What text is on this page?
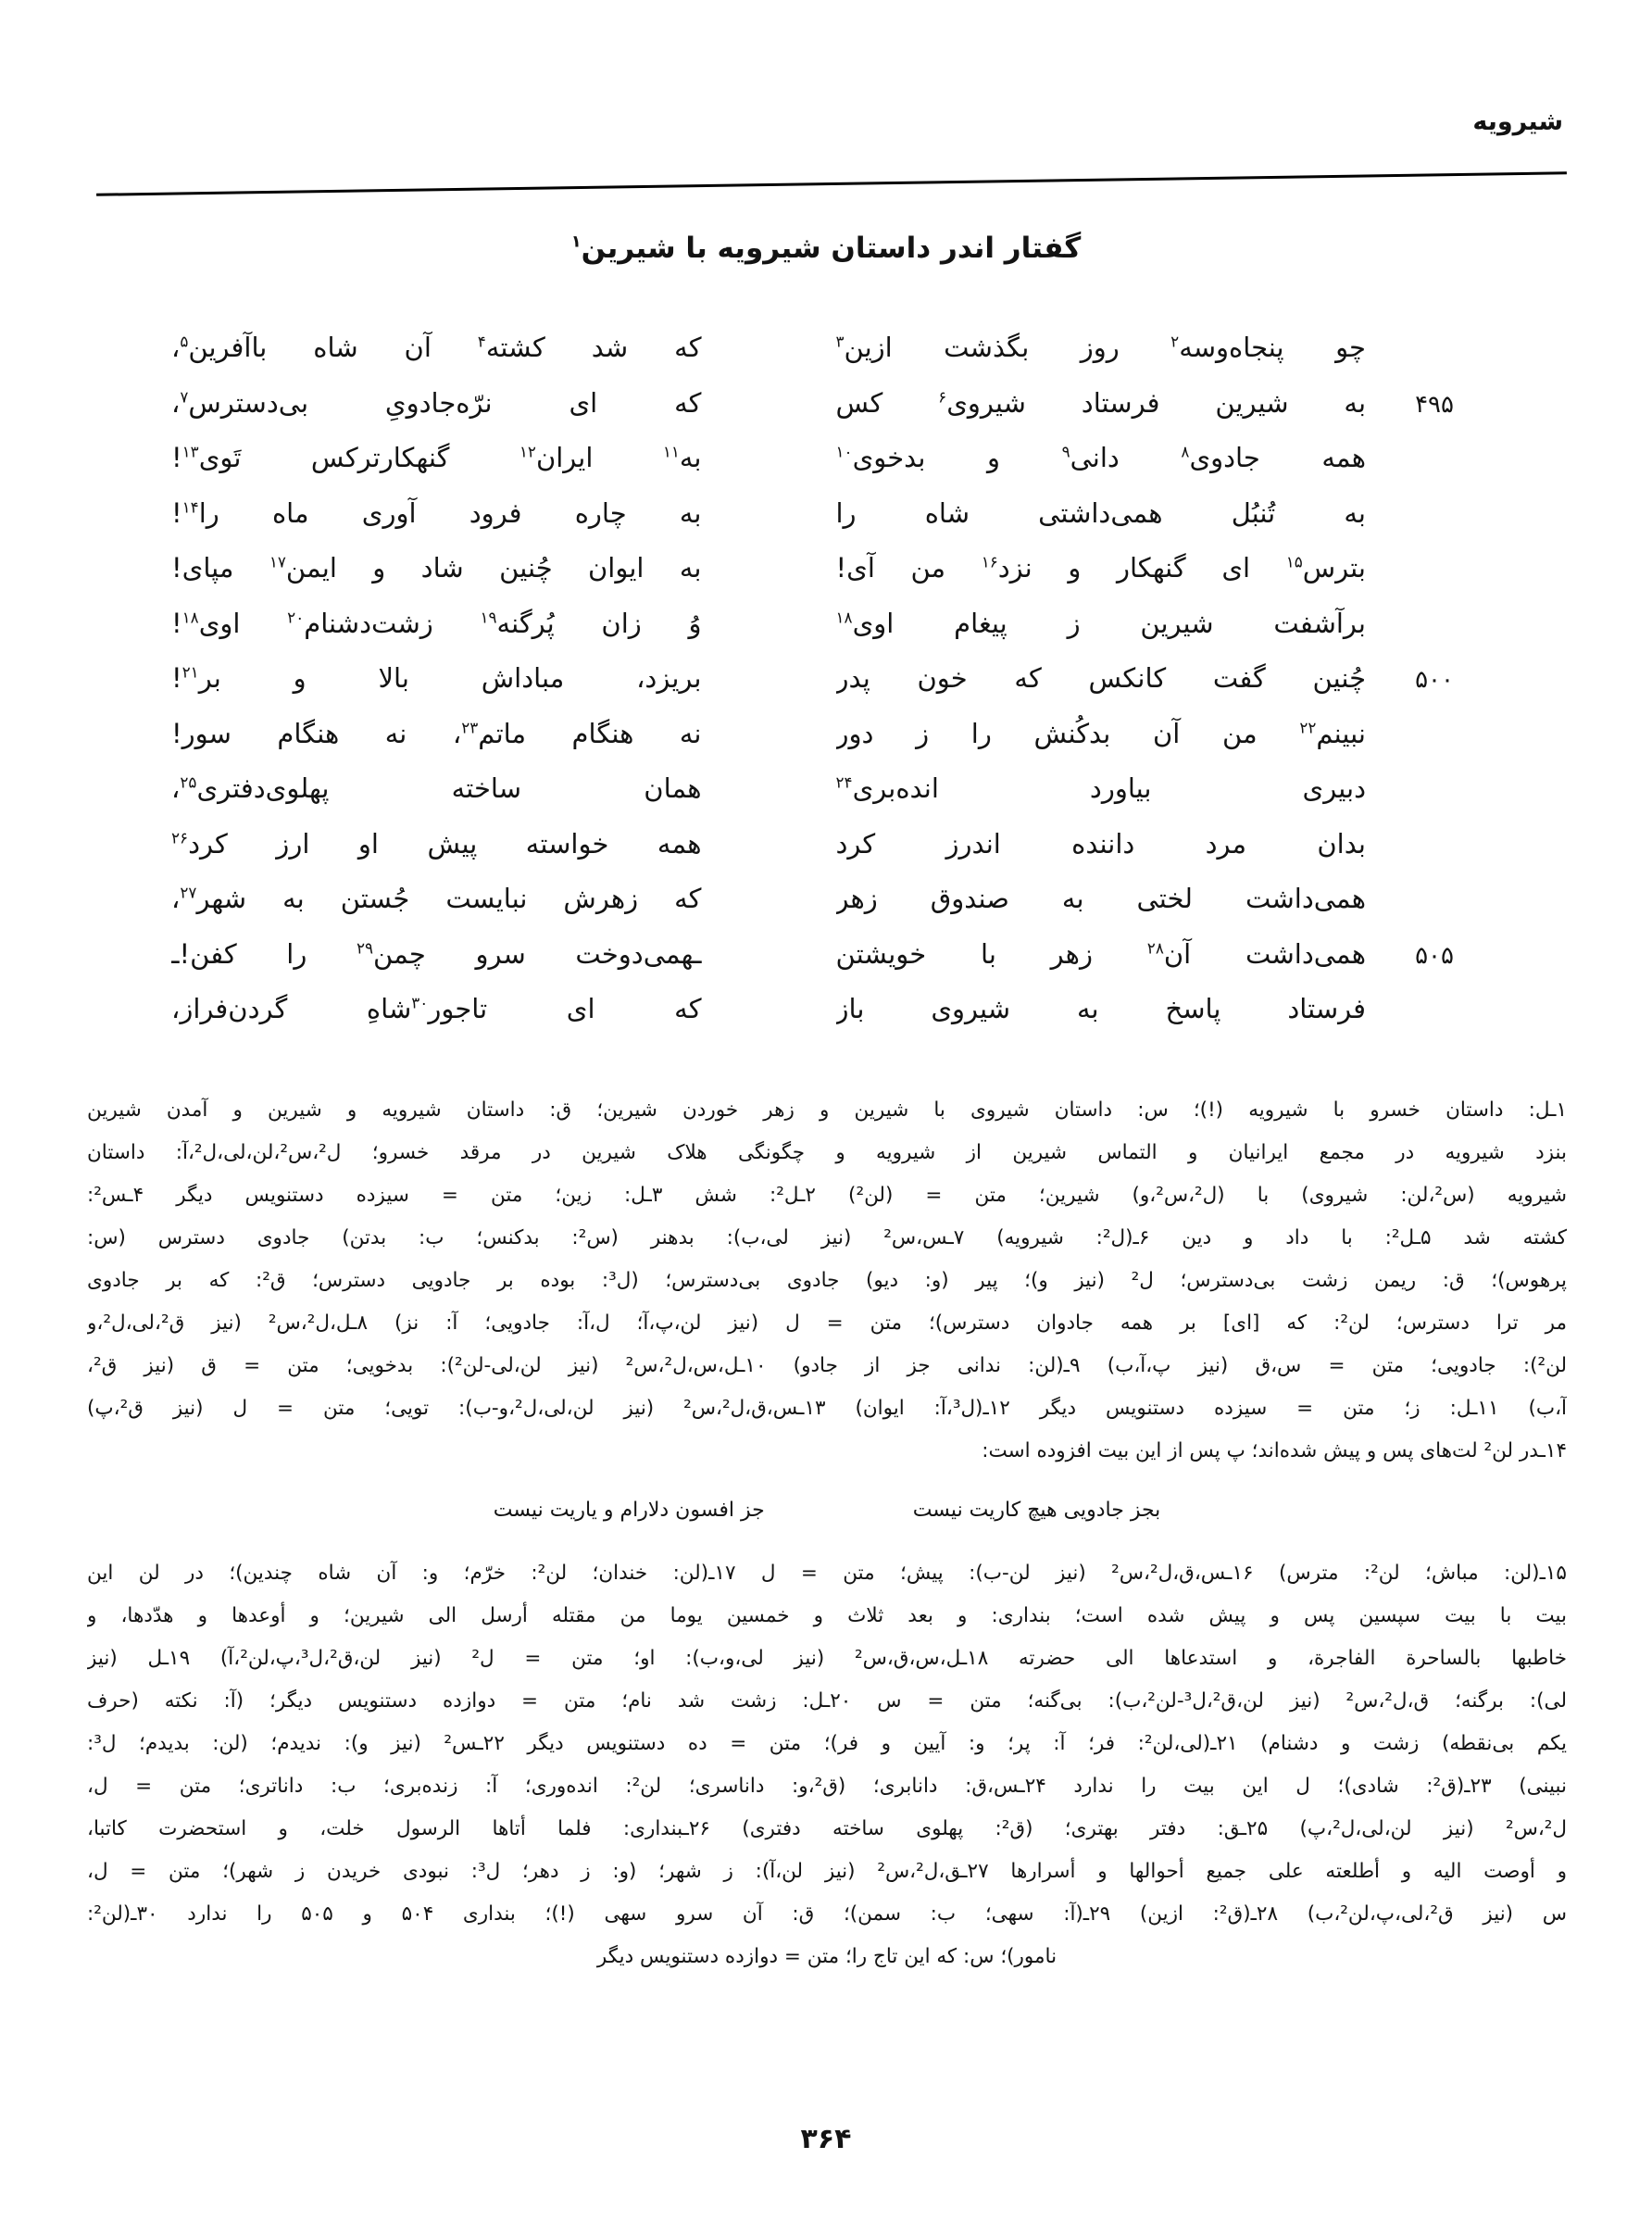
شیرویه
گفتار اندر داستان شیرویه با شیرین$^۱$
چو پنجاه‌وسه$^۲$ روز بگذشت ازین$^۳$
که شد کشته$^۴$ آن شاه باآفرین$^۵$،
۴۹۵
به شیرین فرستاد شیروی$^۶$ کس
که ای نرّه‌جادویِ بی‌دسترس$^۷$،
همه جادوی$^۸$ دانی$^۹$ و بدخوی$^{۱۰}$
به$^{۱۱}$ ایران$^{۱۲}$ گنهکارترکس تَوی$^{۱۳}$!
به تُنبُل همی‌داشتی شاه را
به چاره فرود آوری ماه را$^{۱۴}$!
بترس$^{۱۵}$ ای گنهکار و نزد$^{۱۶}$ من آی!
به ایوان چُنین شاد و ایمن$^{۱۷}$ مپای!
برآشفت شیرین ز پیغام اوی$^{۱۸}$
وُ زان پُرگنه$^{۱۹}$ زشت‌دشنام$^{۲۰}$ اوی$^{۱۸}$!
۵۰۰
چُنین گفت کانکس که خون پدر
بریزد، مباداش بالا و بر$^{۲۱}$!
نبینم$^{۲۲}$ من آن بدکُنش را ز دور
نه هنگام ماتم$^{۲۳}$، نه هنگام سور!
دبیری بیاورد انده‌بری$^{۲۴}$
همان ساخته پهلوی‌دفتری$^{۲۵}$،
بدان مرد داننده اندرز کرد
همه خواسته پیش او ارز کرد$^{۲۶}$
همی‌داشت لختی به صندوق زهر
که زهرش نبایست جُستن به شهر$^{۲۷}$،
۵۰۵
همی‌داشت آن$^{۲۸}$ زهر با خویشتن
ـهمی‌دوخت سرو چمن$^{۲۹}$ را کفن!ـ
فرستاد پاسخ به شیروی باز
که ای تاجور$^{۳۰}$شاهِ گردن‌فراز،
۱ـل: داستان خسرو با شیرویه (!)؛ س: داستان شیروی با شیرین و زهر خوردن شیرین؛ ق: داستان شیرویه و شیرین و آمدن شیرین
بنزد شیرویه در مجمع ایرانیان و التماس شیرین از شیرویه و چگونگی هلاک شیرین در مرقد خسرو؛ ل²،س²،لن،لی،ل²،آ: داستان
شیرویه (س²،لن: شیروی) با (ل²،س²،و) شیرین؛ متن = (لن²) ۲ـل²: شش ۳ـل: زین؛ متن = سیزده دستنویس دیگر ۴ـس²:
کشته شد ۵ـل²: با داد و دین ۶ـ(ل²: شیرویه) ۷ـس،س² (نیز لی،ب): بدهنر (س²: بدکنس؛ ب: بدتن) جادوی دسترس (س:
پرهوس)؛ ق: ریمن زشت بی‌دسترس؛ ل² (نیز و)؛ پیر (و: دیو) جادوی بی‌دسترس؛ (ل³: بوده بر جادویی دسترس؛ ق²: که بر جادوی
مر ترا دسترس؛ لن²: که [ای] بر همه جادوان دسترس)؛ متن = ل (نیز لن،پ،آ؛ ل،آ: جادویی؛ آ: نز) ۸ـل،ل²،س² (نیز ق²،لی،ل²،و
لن²): جادویی؛ متن = س،ق (نیز پ،آ،ب) ۹ـ(لن: ندانی جز از جادو) ۱۰ـل،س،ل²،س² (نیز لن،لی-لن²): بدخویی؛ متن = ق (نیز ق²،
آ،ب) ۱۱ـل: ز؛ متن = سیزده دستنویس دیگر ۱۲ـ(ل³،آ: ایوان) ۱۳ـس،ق،ل²،س² (نیز لن،لی،ل²،و-ب): تویی؛ متن = ل (نیز ق²،پ)
۱۴ـدر لن² لت‌های پس و پیش شده‌اند؛ پ پس از این بیت افزوده است:
بجز جادویی هیچ کاریت نیست
جز افسون دلارام و یاریت نیست
۱۵ـ(لن: مباش؛ لن²: مترس) ۱۶ـس،ق،ل²،س² (نیز لن-ب): پیش؛ متن = ل ۱۷ـ(لن: خندان؛ لن²: خرّم؛ و: آن شاه چندین)؛ در لن این
بیت با بیت سپسین پس و پیش شده است؛ بنداری: و بعد ثلاث و خمسین یوما من مقتله أرسل الی شیرین؛ و أوعدها و هدّدها، و
خاطبها بالساحرة الفاجرة، و استدعاها الی حضرته ۱۸ـل،س،ق،س² (نیز لی،و،ب): او؛ متن = ل² (نیز لن،ق²،ل³،پ،لن²،آ) ۱۹ـل (نیز
لی): برگنه؛ ق،ل²،س² (نیز لن،ق²،ل³-لن²،ب): بی‌گنه؛ متن = س ۲۰ـل: زشت شد نام؛ متن = دوازده دستنویس دیگر؛ (آ: نکته (حرف
یکم بی‌نقطه) زشت و دشنام) ۲۱ـ(لی،لن²: فر؛ آ: پر؛ و: آیین و فر)؛ متن = ده دستنویس دیگر ۲۲ـس² (نیز و): ندیدم؛ (لن: بدیدم؛ ل³:
نبینی) ۲۳ـ(ق²: شادی)؛ ل این بیت را ندارد ۲۴ـس،ق: دانابری؛ (ق²،و: داناسری؛ لن²: انده‌وری؛ آ: زنده‌بری؛ ب: داناتری؛ متن = ل،
ل²،س² (نیز لن،لی،ل²،پ) ۲۵ـق: دفتر بهتری؛ (ق²: پهلوی ساخته دفتری) ۲۶ـبنداری: فلما أتاها الرسول خلت، و استحضرت کاتبا،
و أوصت الیه و أطلعته علی جمیع أحوالها و أسرارها ۲۷ـق،ل²،س² (نیز لن،آ): ز شهر؛ (و: ز دهر؛ ل³: نبودی خریدن ز شهر)؛ متن = ل،
س (نیز ق²،لی،پ،لن²،ب) ۲۸ـ(ق²: ازین) ۲۹ـ(آ: سهی؛ ب: سمن)؛ ق: آن سرو سهی (!)؛ بنداری ۵۰۴ و ۵۰۵ را ندارد ۳۰ـ(لن²:
نامور)؛ س: که این تاج را؛ متن = دوازده دستنویس دیگر
۳۶۴
